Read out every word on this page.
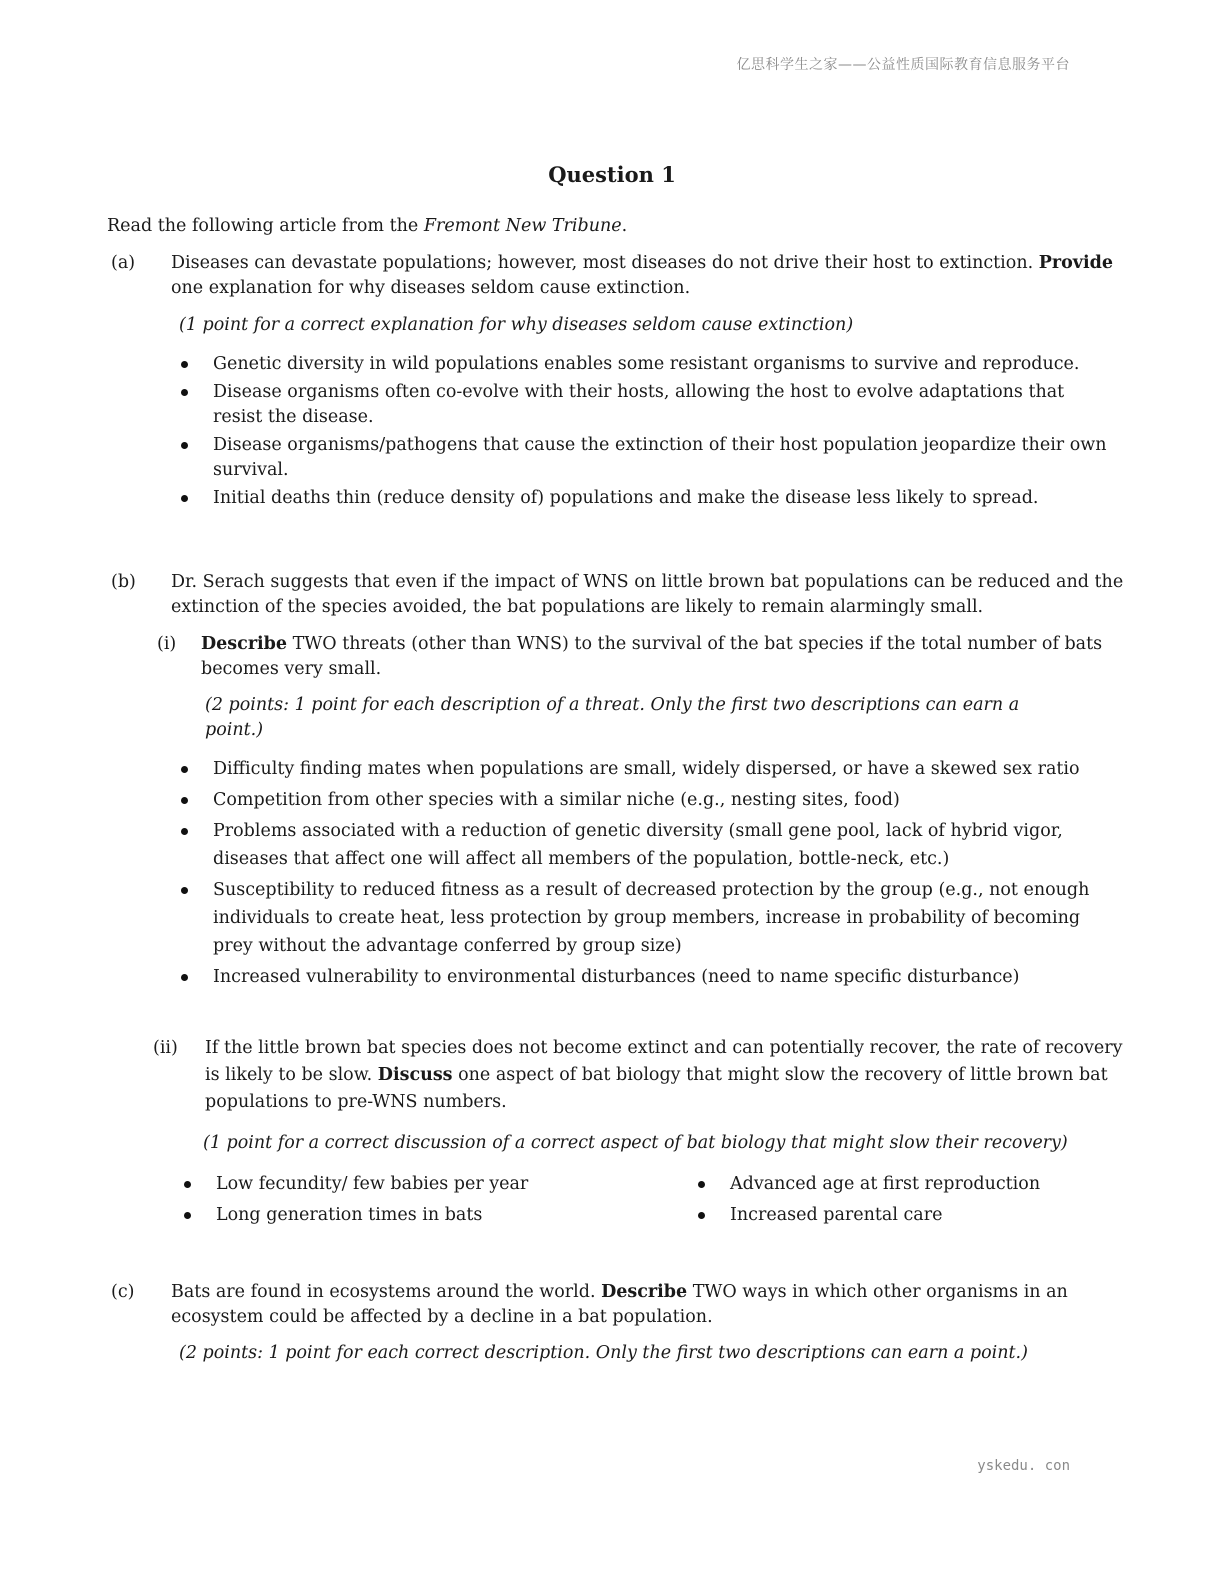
亿思科学生之家——公益性质国际教育信息服务平台
Question 1

Read the following article from the Fremont New Tribune.

(a) Diseases can devastate populations; however, most diseases do not drive their host to extinction. Provide one explanation for why diseases seldom cause extinction.

(1 point for a correct explanation for why diseases seldom cause extinction)

Genetic diversity in wild populations enables some resistant organisms to survive and reproduce.
Disease organisms often co-evolve with their hosts, allowing the host to evolve adaptations that resist the disease.
Disease organisms/pathogens that cause the extinction of their host population jeopardize their own survival.
Initial deaths thin (reduce density of) populations and make the disease less likely to spread.

(b) Dr. Serach suggests that even if the impact of WNS on little brown bat populations can be reduced and the extinction of the species avoided, the bat populations are likely to remain alarmingly small.

(i) Describe TWO threats (other than WNS) to the survival of the bat species if the total number of bats becomes very small.

(2 points: 1 point for each description of a threat. Only the first two descriptions can earn a point.)

Difficulty finding mates when populations are small, widely dispersed, or have a skewed sex ratio
Competition from other species with a similar niche (e.g., nesting sites, food)
Problems associated with a reduction of genetic diversity (small gene pool, lack of hybrid vigor, diseases that affect one will affect all members of the population, bottle-neck, etc.)
Susceptibility to reduced fitness as a result of decreased protection by the group (e.g., not enough individuals to create heat, less protection by group members, increase in probability of becoming prey without the advantage conferred by group size)
Increased vulnerability to environmental disturbances (need to name specific disturbance)

(ii) If the little brown bat species does not become extinct and can potentially recover, the rate of recovery is likely to be slow. Discuss one aspect of bat biology that might slow the recovery of little brown bat populations to pre-WNS numbers.

(1 point for a correct discussion of a correct aspect of bat biology that might slow their recovery)

Low fecundity/ few babies per year
Long generation times in bats
Advanced age at first reproduction
Increased parental care

(c) Bats are found in ecosystems around the world. Describe TWO ways in which other organisms in an ecosystem could be affected by a decline in a bat population.

(2 points: 1 point for each correct description. Only the first two descriptions can earn a point.)

yskedu. con
